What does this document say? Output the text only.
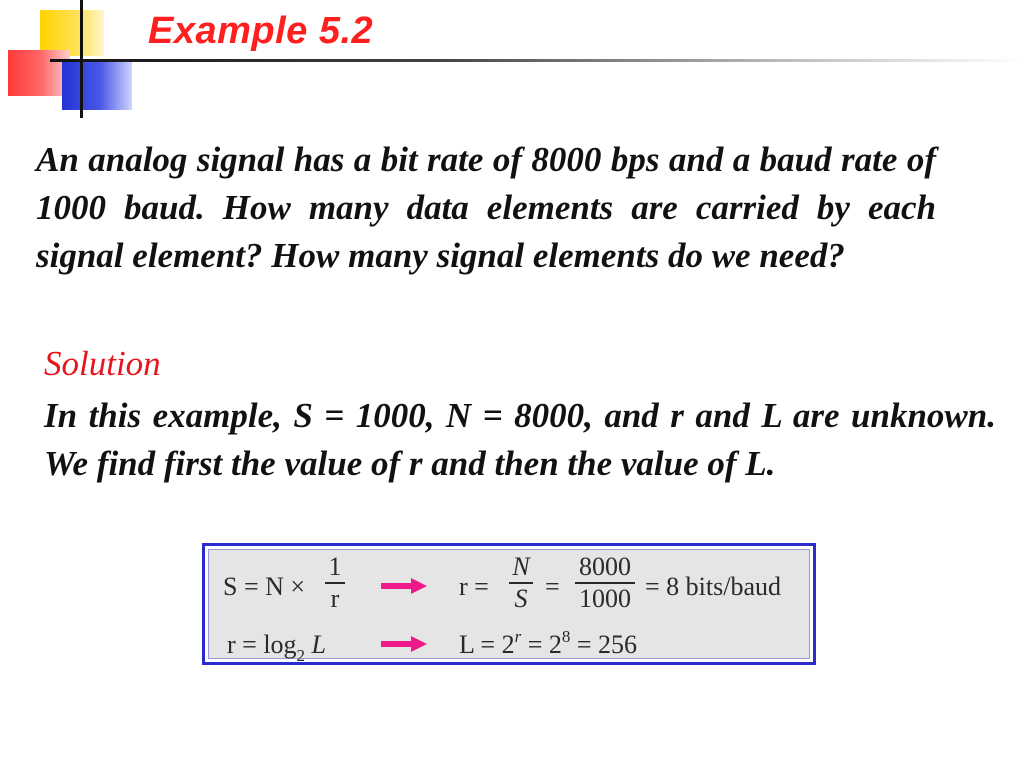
Example 5.2

An analog signal has a bit rate of 8000 bps and a baud rate of 1000 baud. How many data elements are carried by each signal element? How many signal elements do we need?

Solution

In this example, S = 1000, N = 8000, and r and L are unknown. We find first the value of r and then the value of L.

S = N ×
1
r	r =
N
S =
8000
1000 = 8 bits/baud
$r = \log_2 L$	$L = 2^r = 2^8 = 256$
